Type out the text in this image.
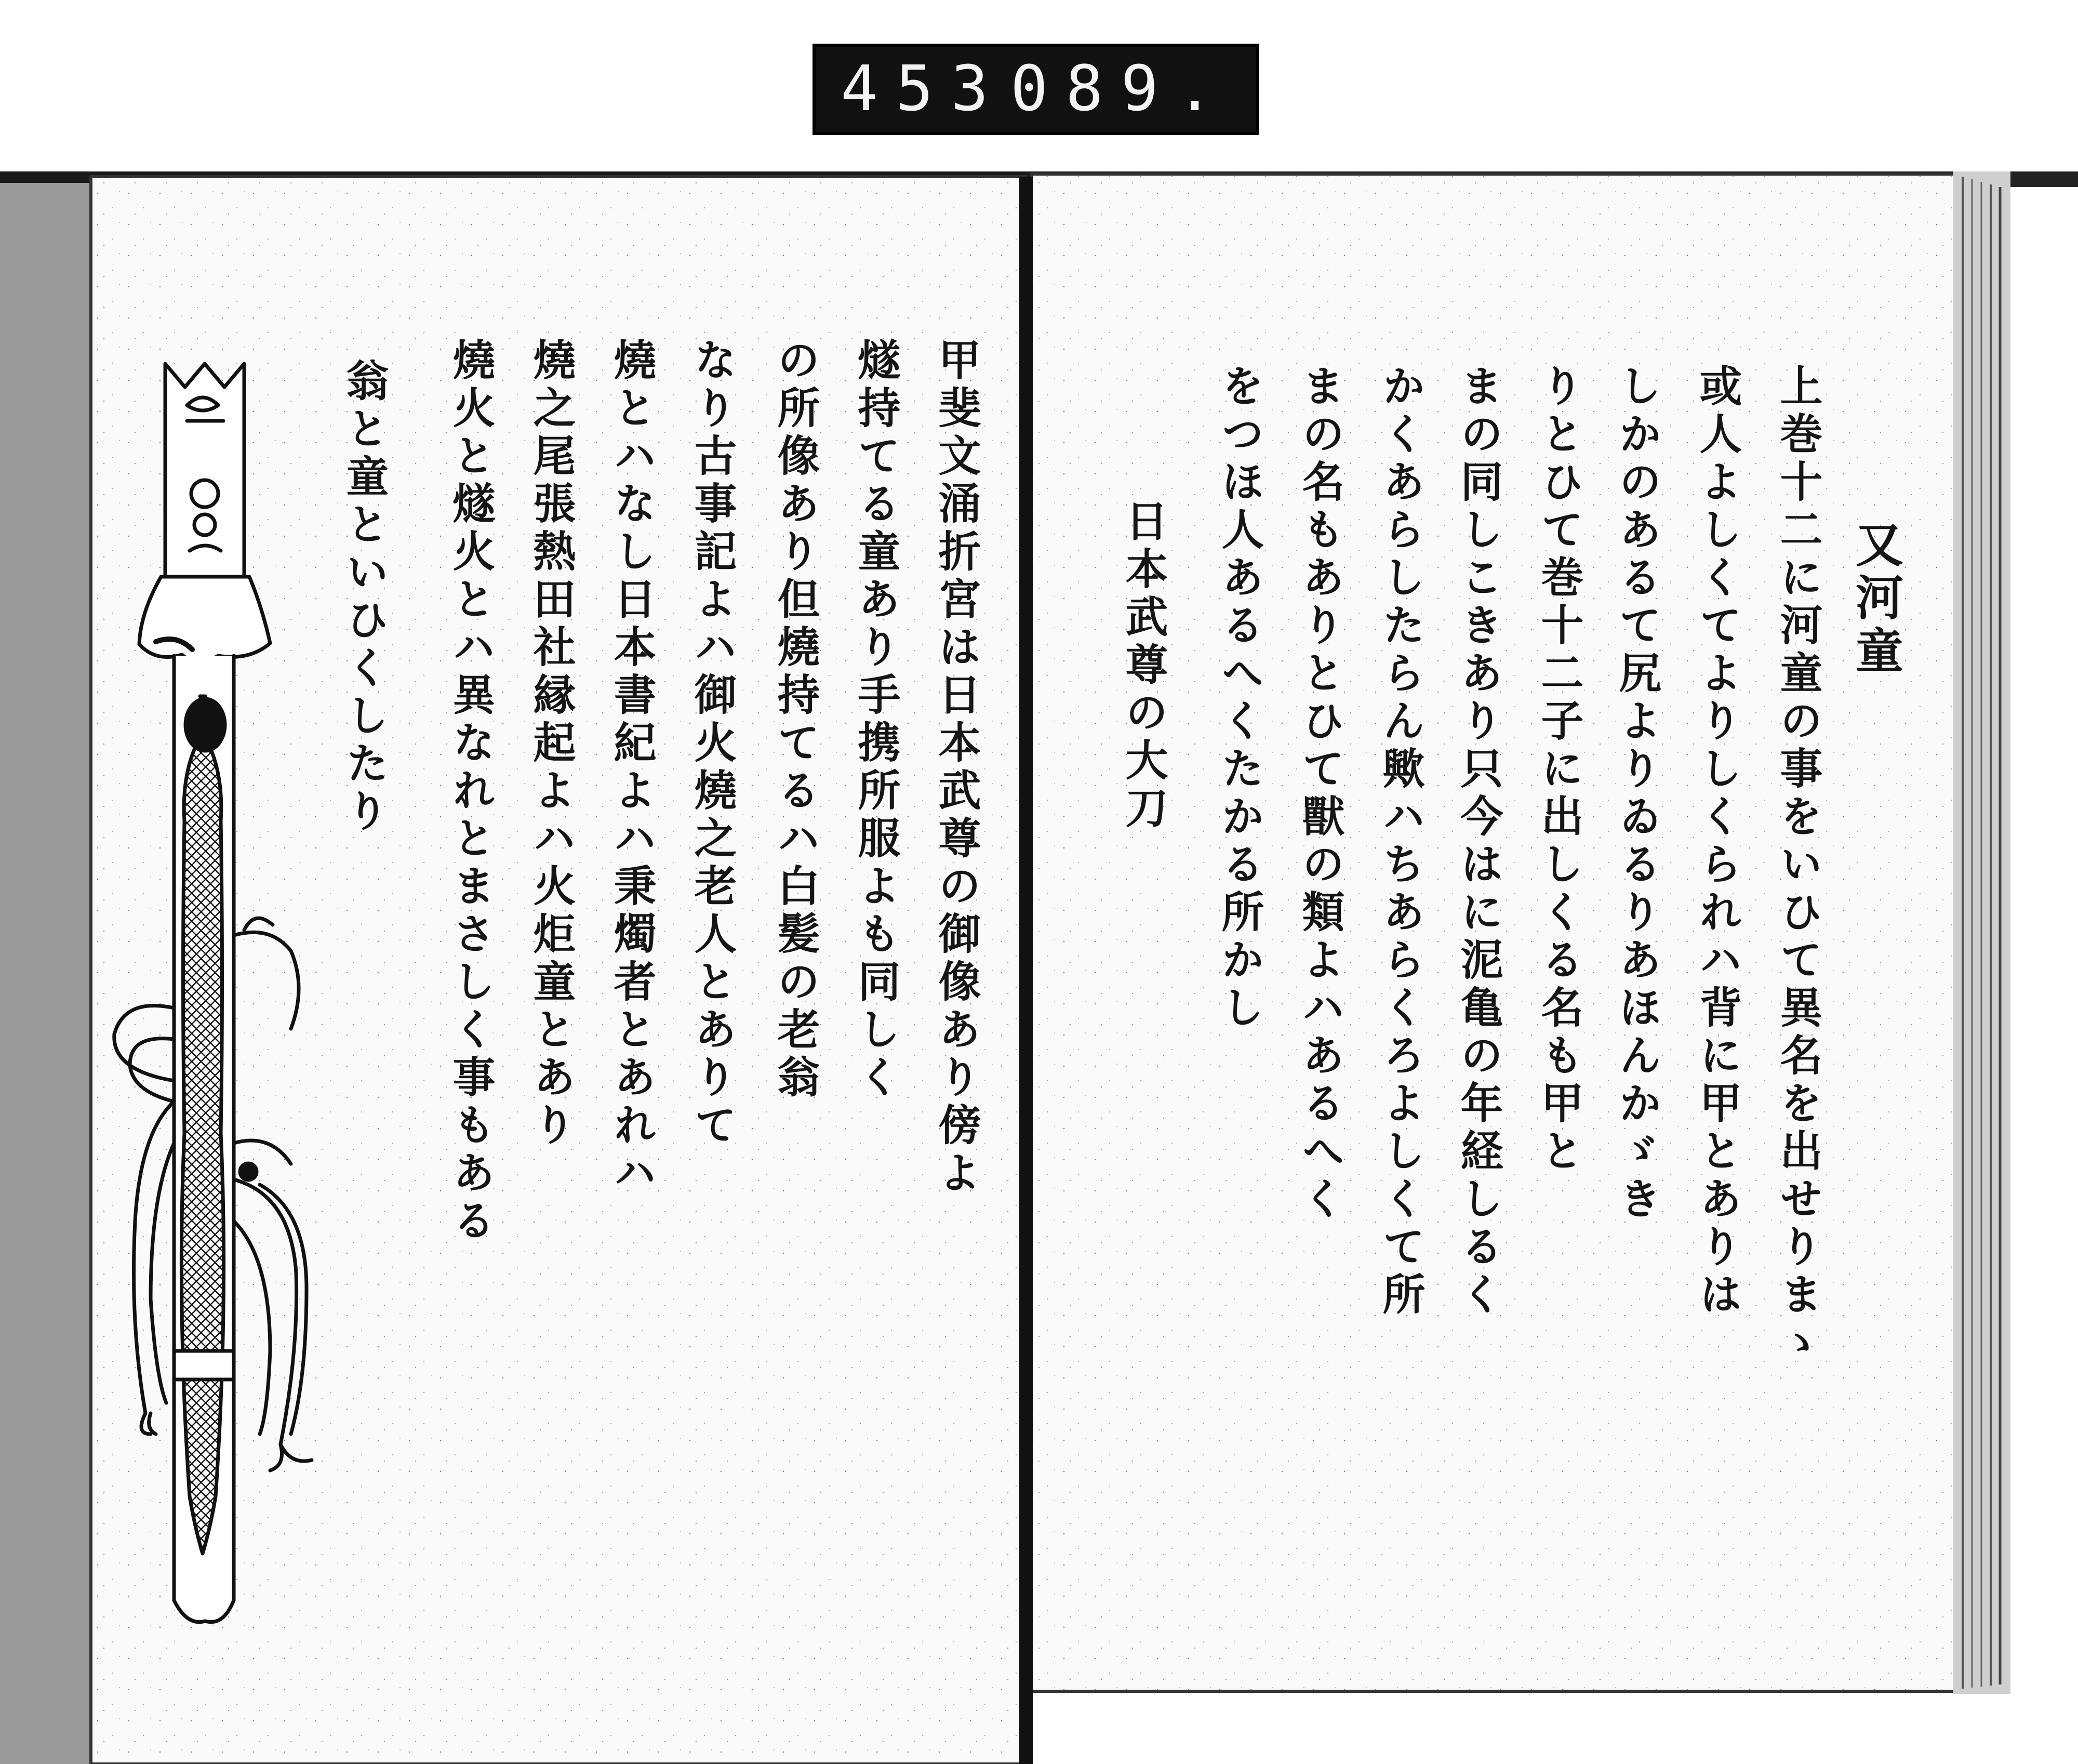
453 089.
又河童
上巻十二に河童の事をいひて異名を出せりまゝ
或人よしくてよりしくられハ背に甲とありは
しかのあるて尻よりゐるりあほんかゞき
りとひて巻十二子に出しくる名も甲と
まの同しこきあり只今はに泥亀の年経しるく
かくあらしたらん歟ハちあらくろよしくて所
まの名もありとひて獸の類よハあるへく
をつほ人あるへくたかる所かし
日本武尊の大刀
甲斐文涌折宮は日本武尊の御像あり傍よ
燧持てる童あり手携所服よも同しく
の所像あり但燒持てるハ白髪の老翁
なり古事記よハ御火燒之老人とありて
燒とハなし日本書紀よハ秉燭者とあれハ
燒之尾張熱田社縁起よハ火炬童とあり
燒火と燧火とハ異なれとまさしく事もある
翁と童といひくしたり
